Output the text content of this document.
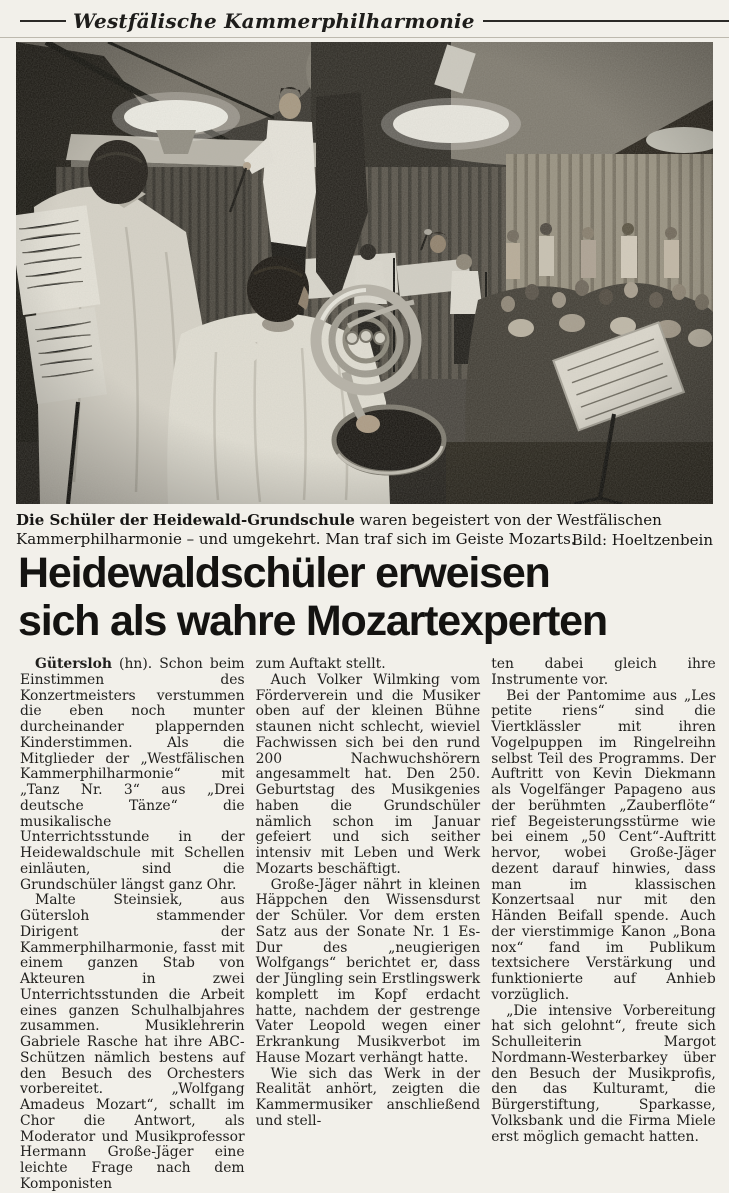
Westfälische Kammerphilharmonie
Die Schüler der Heidewald-Grundschule waren begeistert von der Westfälischen Kammerphilharmonie – und umgekehrt. Man traf sich im Geiste Mozarts.
Bild: Hoeltzenbein
Heidewaldschüler erweisen
sich als wahre Mozartexperten

Gütersloh (hn). Schon beim Einstimmen des Konzertmeisters verstummen die eben noch munter durcheinander plappernden Kinderstimmen. Als die Mitglieder der „Westfälischen Kammerphilharmonie“ mit „Tanz Nr. 3“ aus „Drei deutsche Tänze“ die musikalische Unterrichtsstunde in der Heidewaldschule mit Schellen einläuten, sind die Grundschüler längst ganz Ohr.

Malte Steinsiek, aus Gütersloh stammender Dirigent der Kammerphilharmonie, fasst mit einem ganzen Stab von Akteuren in zwei Unterrichtsstunden die Arbeit eines ganzen Schulhalbjahres zusammen. Musiklehrerin Gabriele Rasche hat ihre ABC-Schützen nämlich bestens auf den Besuch des Orchesters vorbereitet. „Wolfgang Amadeus Mozart“, schallt im Chor die Antwort, als Moderator und Musikprofessor Hermann Große-Jäger eine leichte Frage nach dem Komponisten

zum Auftakt stellt.

Auch Volker Wilmking vom Förderverein und die Musiker oben auf der kleinen Bühne staunen nicht schlecht, wieviel Fachwissen sich bei den rund 200 Nachwuchshörern angesammelt hat. Den 250. Geburtstag des Musikgenies haben die Grundschüler nämlich schon im Januar gefeiert und sich seither intensiv mit Leben und Werk Mozarts beschäftigt.

Große-Jäger nährt in kleinen Häppchen den Wissensdurst der Schüler. Vor dem ersten Satz aus der Sonate Nr. 1 Es-Dur des „neugierigen Wolfgangs“ berichtet er, dass der Jüngling sein Erstlingswerk komplett im Kopf erdacht hatte, nachdem der gestrenge Vater Leopold wegen einer Erkrankung Musikverbot im Hause Mozart verhängt hatte.

Wie sich das Werk in der Realität anhört, zeigten die Kammermusiker anschließend und stell-

ten dabei gleich ihre Instrumente vor.

Bei der Pantomime aus „Les petite riens“ sind die Viertklässler mit ihren Vogelpuppen im Ringelreihn selbst Teil des Programms. Der Auftritt von Kevin Diekmann als Vogelfänger Papageno aus der berühmten „Zauberflöte“ rief Begeisterungsstürme wie bei einem „50 Cent“-Auftritt hervor, wobei Große-Jäger dezent darauf hinwies, dass man im klassischen Konzertsaal nur mit den Händen Beifall spende. Auch der vierstimmige Kanon „Bona nox“ fand im Publikum textsichere Verstärkung und funktionierte auf Anhieb vorzüglich.

„Die intensive Vorbereitung hat sich gelohnt“, freute sich Schulleiterin Margot Nordmann-Westerbarkey über den Besuch der Musikprofis, den das Kulturamt, die Bürgerstiftung, Sparkasse, Volksbank und die Firma Miele erst möglich gemacht hatten.
